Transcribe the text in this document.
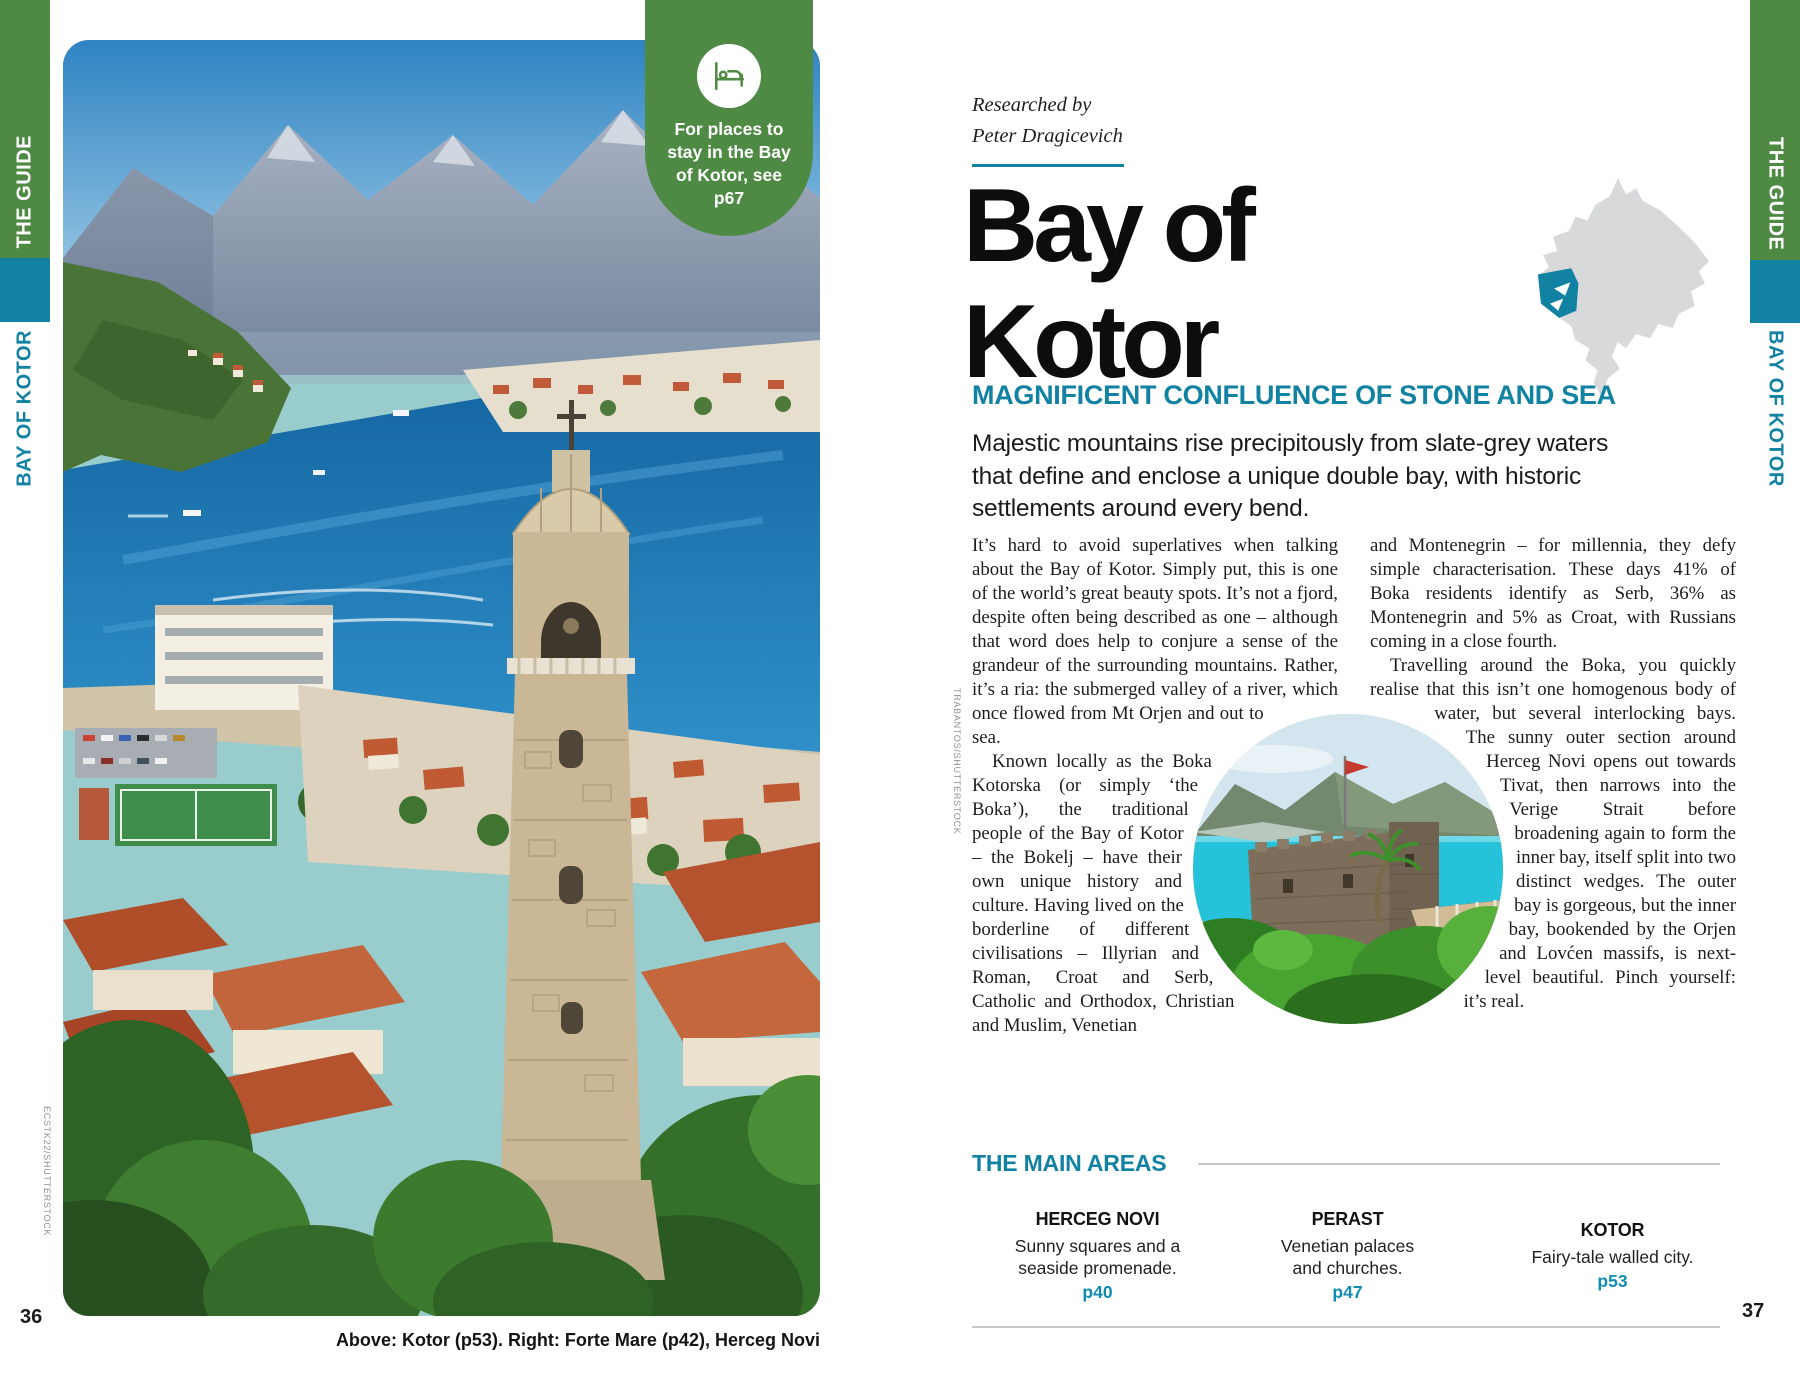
THE GUIDE
BAY OF KOTOR
For places to stay in the Bay of Kotor, see p67
ECSTK22/SHUTTERSTOCK
Above: Kotor (p53). Right: Forte Mare (p42), Herceg Novi
36
Researched by
Peter Dragicevich
Bay of
Kotor
MAGNIFICENT CONFLUENCE OF STONE AND SEA
Majestic mountains rise precipitously from slate-grey waters that define and enclose a unique double bay, with historic settlements around every bend.

It’s hard to avoid superlatives when talking about the Bay of Kotor. Simply put, this is one of the world’s great beauty spots. It’s not a fjord, despite often being described as one – although that word does help to conjure a sense of the grandeur of the surrounding mountains. Rather, it’s a ria: the submerged valley of a river, which once flowed from Mt Orjen and out to sea.

Known locally as the Boka Kotorska (or simply ‘the Boka’), the traditional people of the Bay of Kotor – the Bokelj – have their own unique history and culture. Having lived on the borderline of different civilisations – Illyrian and Roman, Croat and Serb, Catholic and Orthodox, Christian and Muslim, Venetian

and Montenegrin – for millennia, they defy simple characterisation. These days 41% of Boka residents identify as Serb, 36% as Montenegrin and 5% as Croat, with Russians coming in a close fourth.

Travelling around the Boka, you quickly realise that this isn’t one homogenous body of water, but several interlocking bays. The sunny outer section around Herceg Novi opens out towards Tivat, then narrows into the Verige Strait before broadening again to form the inner bay, itself split into two distinct wedges. The outer bay is gorgeous, but the inner bay, bookended by the Orjen and Lovćen massifs, is next-level beautiful. Pinch yourself: it’s real.

TRABANTOS/SHUTTERSTOCK
THE MAIN AREAS
HERCEG NOVI
Sunny squares and a seaside promenade.
p40
PERAST
Venetian palaces and churches.
p47
KOTOR
Fairy-tale walled city.
p53
37
THE GUIDE
BAY OF KOTOR
